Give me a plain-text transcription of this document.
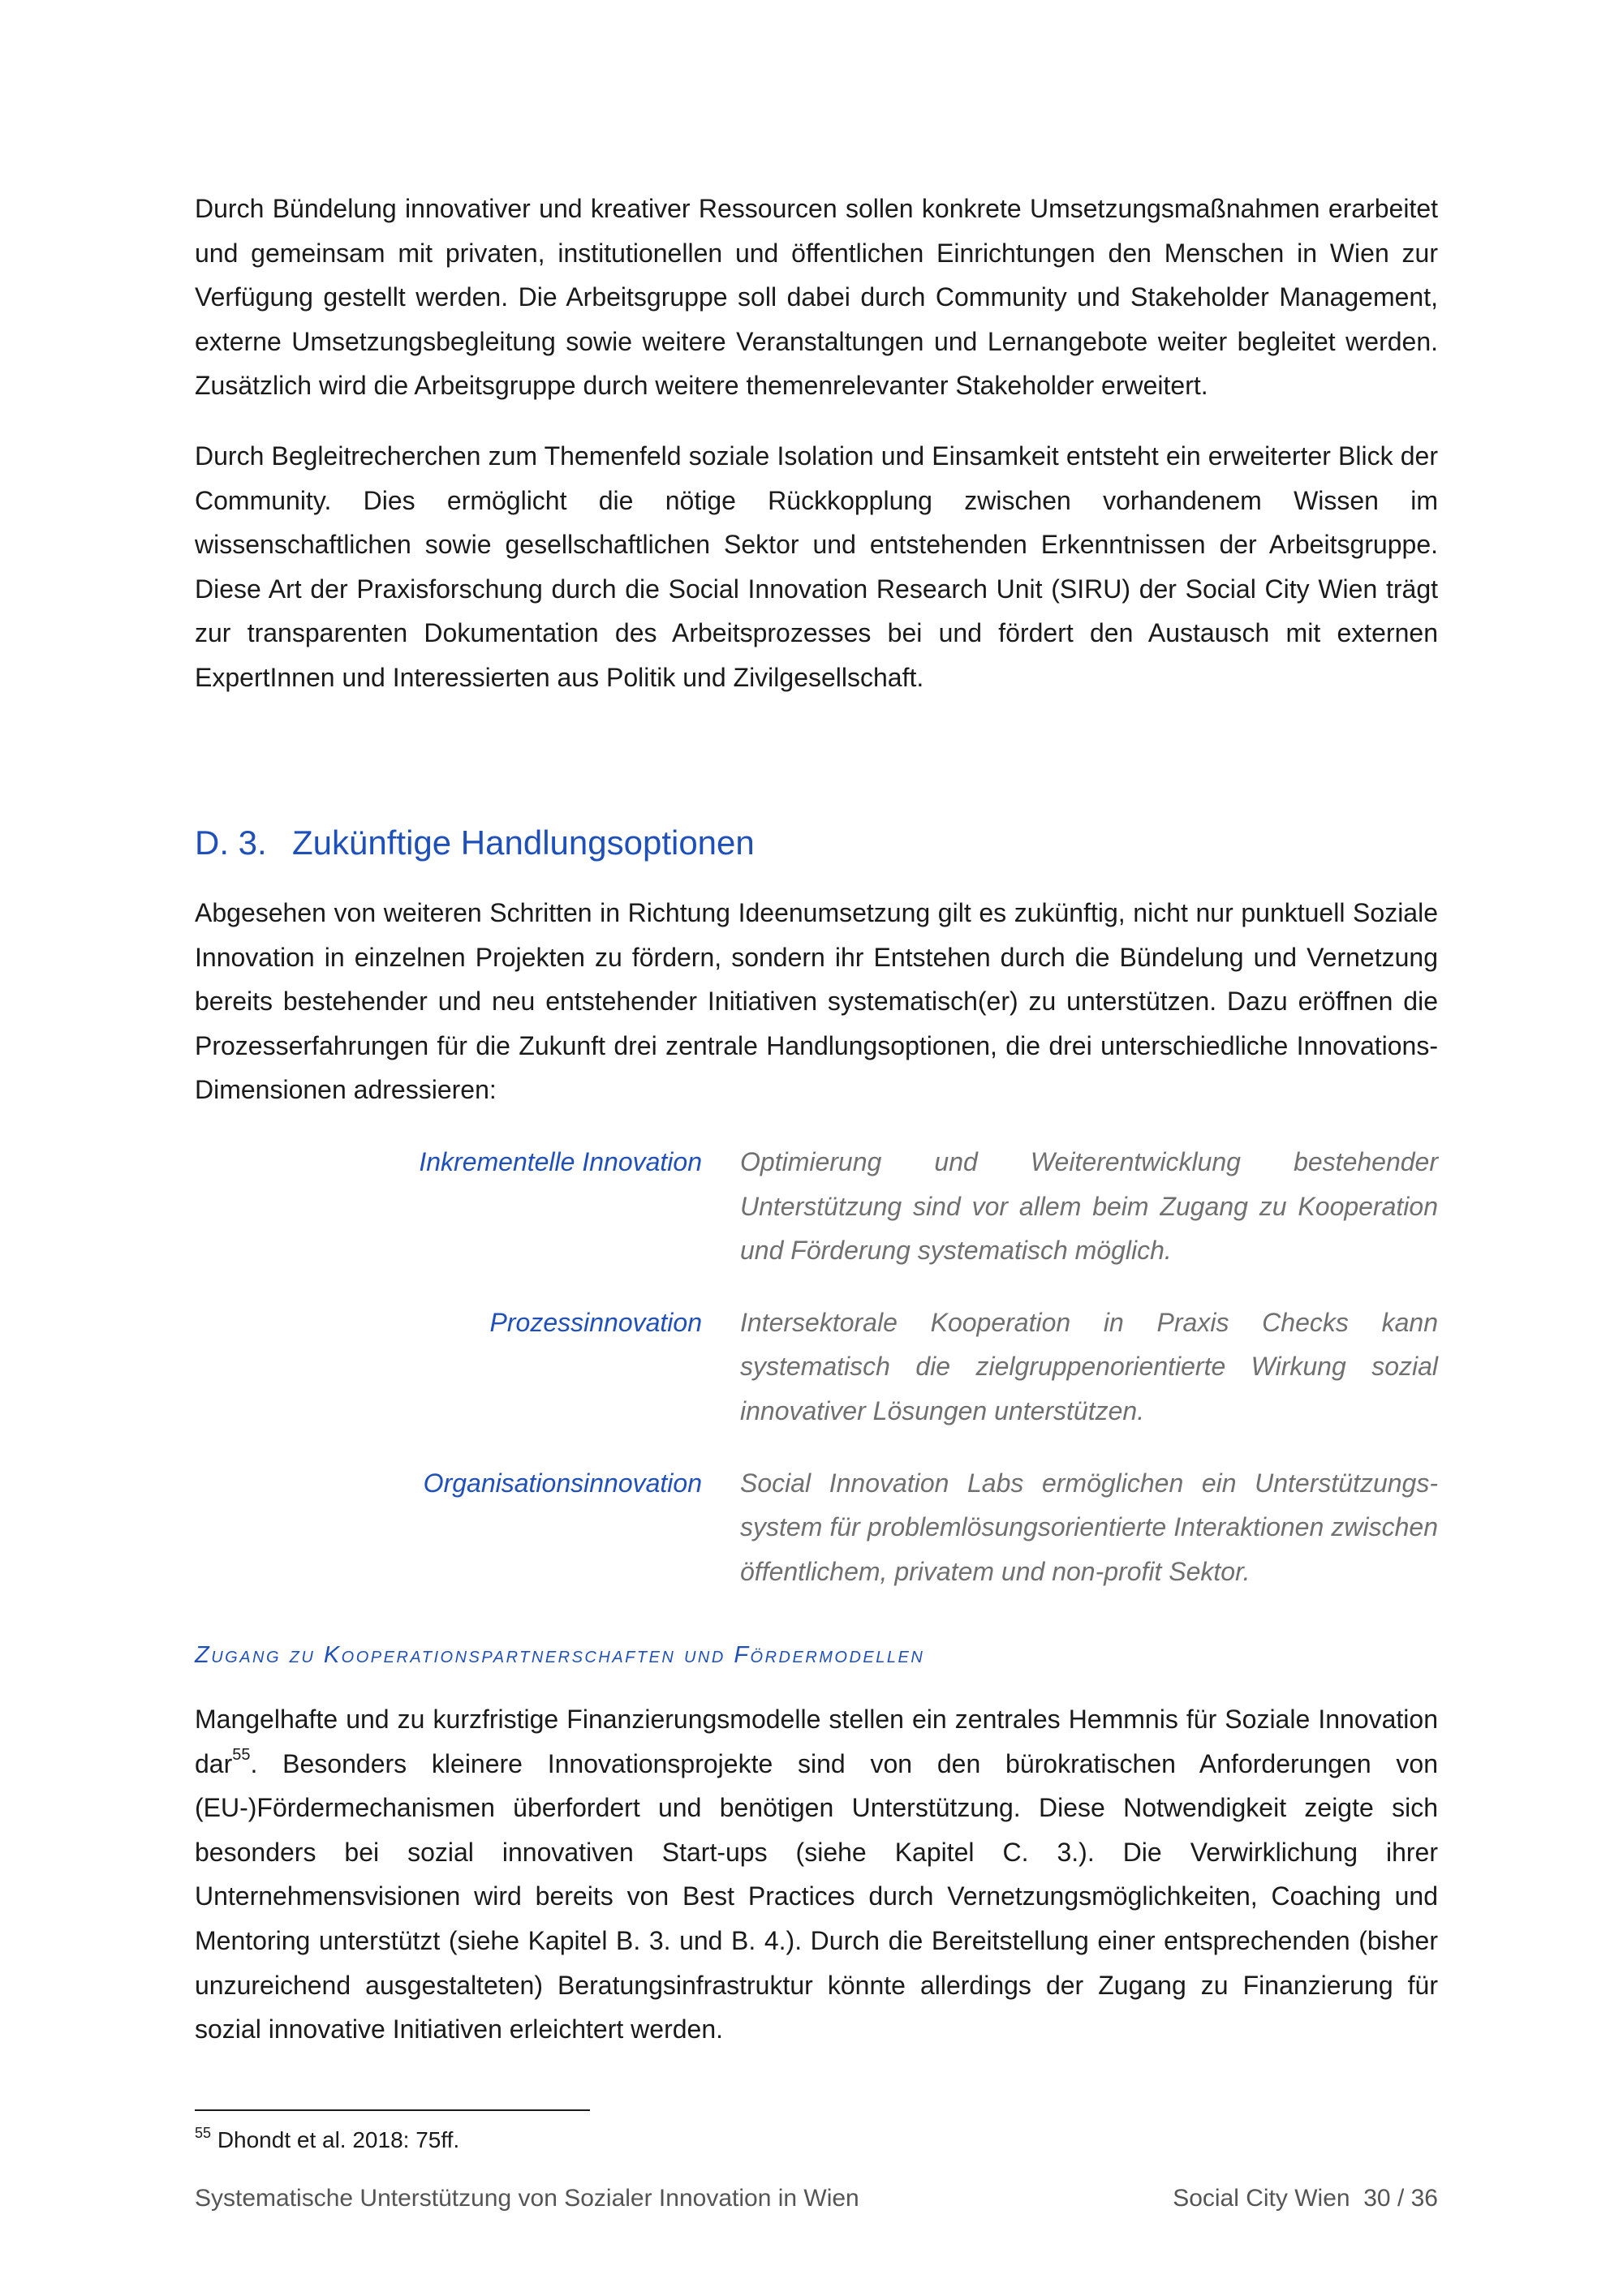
Durch Bündelung innovativer und kreativer Ressourcen sollen konkrete Umsetzungsmaßnahmen erarbeitet und gemeinsam mit privaten, institutionellen und öffentlichen Einrichtungen den Menschen in Wien zur Verfügung gestellt werden. Die Arbeitsgruppe soll dabei durch Community und Stakeholder Management, externe Umsetzungsbegleitung sowie weitere Veranstaltungen und Lernangebote weiter begleitet werden. Zusätzlich wird die Arbeitsgruppe durch weitere themenrelevanter Stakeholder erweitert.

Durch Begleitrecherchen zum Themenfeld soziale Isolation und Einsamkeit entsteht ein erweiterter Blick der Community. Dies ermöglicht die nötige Rückkopplung zwischen vorhandenem Wissen im wissenschaftlichen sowie gesellschaftlichen Sektor und entstehenden Erkenntnissen der Arbeitsgruppe. Diese Art der Praxisforschung durch die Social Innovation Research Unit (SIRU) der Social City Wien trägt zur transparenten Dokumentation des Arbeitsprozesses bei und fördert den Austausch mit externen ExpertInnen und Interessierten aus Politik und Zivilgesellschaft.

D. 3. Zukünftige Handlungsoptionen

Abgesehen von weiteren Schritten in Richtung Ideenumsetzung gilt es zukünftig, nicht nur punktuell Soziale Innovation in einzelnen Projekten zu fördern, sondern ihr Entstehen durch die Bündelung und Vernetzung bereits bestehender und neu entstehender Initiativen systematisch(er) zu unterstützen. Dazu eröffnen die Prozesserfahrungen für die Zukunft drei zentrale Handlungsoptionen, die drei unterschiedliche Innovations-Dimensionen adressieren:

Inkrementelle Innovation	Optimierung und Weiterentwicklung bestehender Unterstützung sind vor allem beim Zugang zu Kooperation und Förderung systematisch möglich.
Prozessinnovation	Intersektorale Kooperation in Praxis Checks kann systematisch die zielgruppenorientierte Wirkung sozial innovativer Lösungen unterstützen.
Organisationsinnovation	Social Innovation Labs ermöglichen ein Unterstützungs-system für problemlösungsorientierte Interaktionen zwischen öffentlichem, privatem und non-profit Sektor.
Zugang zu Kooperationspartnerschaften und Fördermodellen

Mangelhafte und zu kurzfristige Finanzierungsmodelle stellen ein zentrales Hemmnis für Soziale Innovation dar$^{55}$. Besonders kleinere Innovationsprojekte sind von den bürokratischen Anforderungen von (EU-)Fördermechanismen überfordert und benötigen Unterstützung. Diese Notwendigkeit zeigte sich besonders bei sozial innovativen Start-ups (siehe Kapitel C. 3.). Die Verwirklichung ihrer Unternehmensvisionen wird bereits von Best Practices durch Vernetzungsmöglichkeiten, Coaching und Mentoring unterstützt (siehe Kapitel B. 3. und B. 4.). Durch die Bereitstellung einer entsprechenden (bisher unzureichend ausgestalteten) Beratungsinfrastruktur könnte allerdings der Zugang zu Finanzierung für sozial innovative Initiativen erleichtert werden.

$^{55}$ Dhondt et al. 2018: 75ff.
Systematische Unterstützung von Sozialer Innovation in Wien	Social City Wien  30 / 36
